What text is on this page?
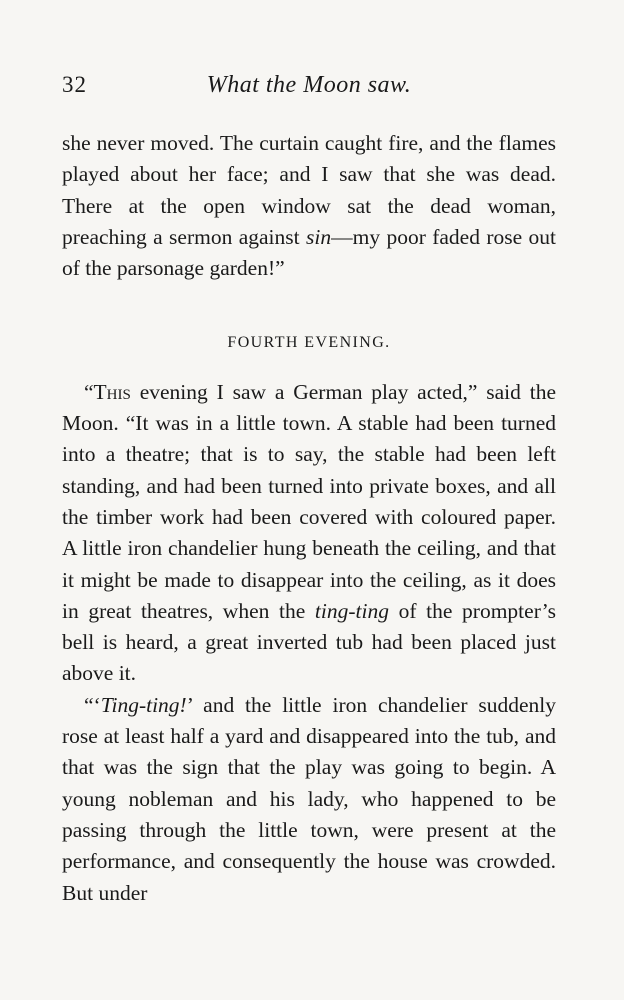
32	What the Moon saw.

she never moved. The curtain caught fire, and the flames played about her face; and I saw that she was dead. There at the open window sat the dead woman, preaching a sermon against sin—my poor faded rose out of the parsonage garden!”

FOURTH EVENING.

“This evening I saw a German play acted,” said the Moon. “It was in a little town. A stable had been turned into a theatre; that is to say, the stable had been left standing, and had been turned into private boxes, and all the timber work had been covered with coloured paper. A little iron chandelier hung beneath the ceiling, and that it might be made to disappear into the ceiling, as it does in great theatres, when the ting-ting of the prompter’s bell is heard, a great inverted tub had been placed just above it.

“‘Ting-ting!’ and the little iron chandelier suddenly rose at least half a yard and disappeared into the tub, and that was the sign that the play was going to begin. A young nobleman and his lady, who happened to be passing through the little town, were present at the performance, and consequently the house was crowded. But under
